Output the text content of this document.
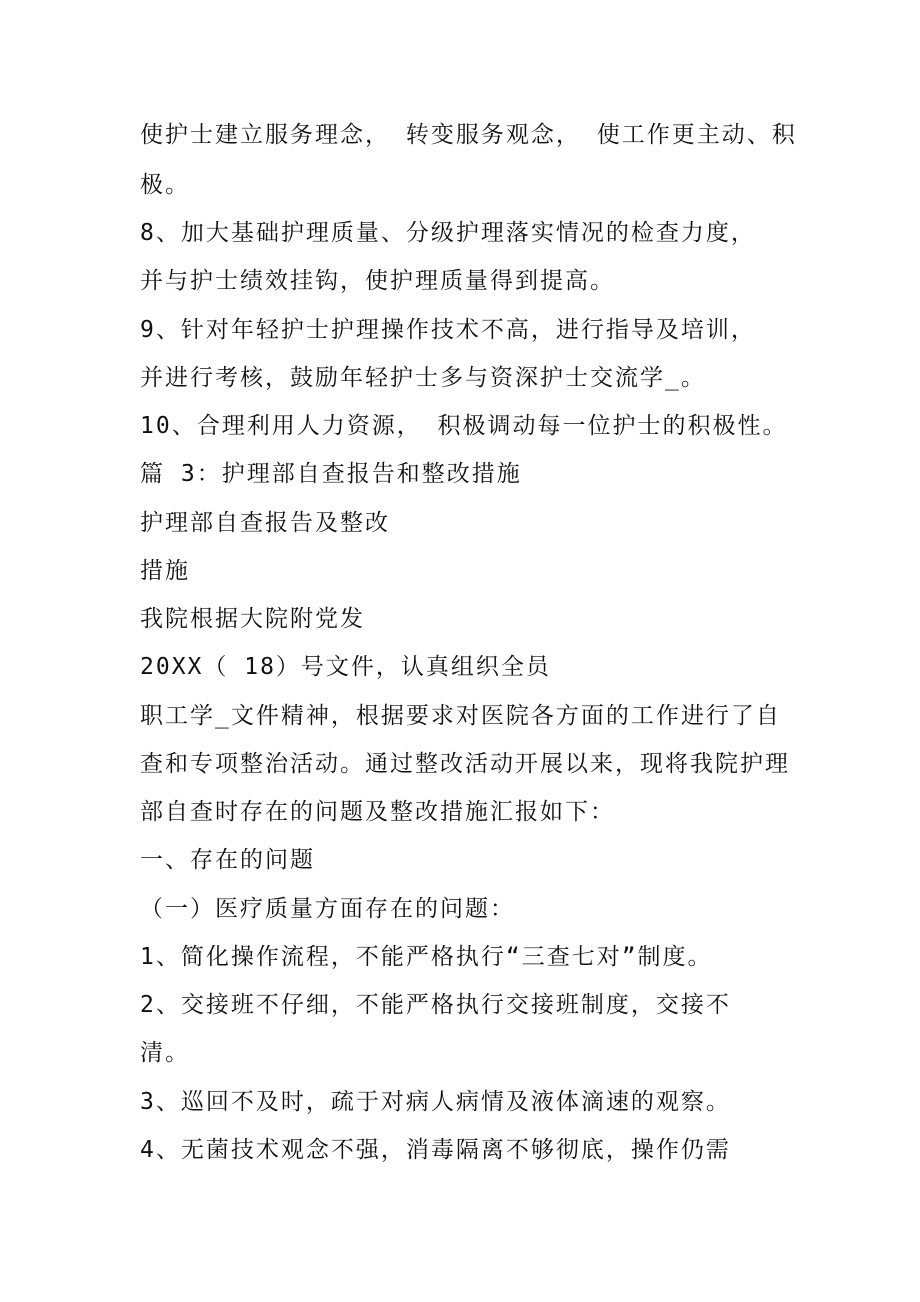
使护士建立服务理念， 转变服务观念， 使工作更主动、积
极。
8、加大基础护理质量、分级护理落实情况的检查力度，
并与护士绩效挂钩，使护理质量得到提高。
9、针对年轻护士护理操作技术不高，进行指导及培训，
并进行考核，鼓励年轻护士多与资深护士交流学_。
10、合理利用人力资源， 积极调动每一位护士的积极性。
篇 3：护理部自查报告和整改措施
护理部自查报告及整改
措施
我院根据大院附党发
20XX（ 18）号文件，认真组织全员
职工学_文件精神，根据要求对医院各方面的工作进行了自
查和专项整治活动。通过整改活动开展以来，现将我院护理
部自查时存在的问题及整改措施汇报如下：
一、存在的问题
（一）医疗质量方面存在的问题：
1、简化操作流程，不能严格执行“三查七对”制度。
2、交接班不仔细，不能严格执行交接班制度，交接不
清。
3、巡回不及时，疏于对病人病情及液体滴速的观察。
4、无菌技术观念不强，消毒隔离不够彻底，操作仍需
